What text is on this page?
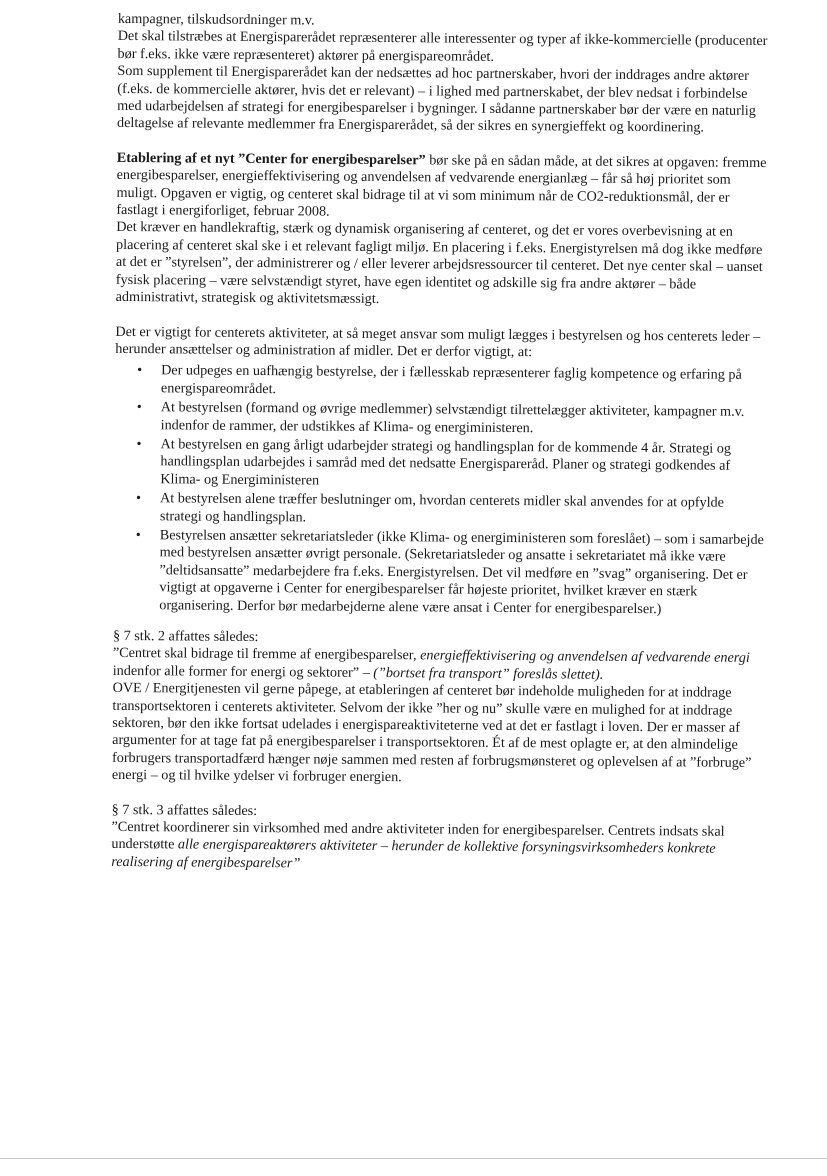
kampagner, tilskudsordninger m.v.

Det skal tilstræbes at Energisparerådet repræsenterer alle interessenter og typer af ikke-kommercielle (producenter bør f.eks. ikke være repræsenteret) aktører på energispareområdet.

Som supplement til Energisparerådet kan der nedsættes ad hoc partnerskaber, hvori der inddrages andre aktører (f.eks. de kommercielle aktører, hvis det er relevant) – i lighed med partnerskabet, der blev nedsat i forbindelse med udarbejdelsen af strategi for energibesparelser i bygninger. I sådanne partnerskaber bør der være en naturlig deltagelse af relevante medlemmer fra Energisparerådet, så der sikres en synergieffekt og koordinering.

Etablering af et nyt ”Center for energibesparelser” bør ske på en sådan måde, at det sikres at opgaven: fremme energibesparelser, energieffektivisering og anvendelsen af vedvarende energianlæg – får så høj prioritet som muligt. Opgaven er vigtig, og centeret skal bidrage til at vi som minimum når de CO2-reduktionsmål, der er fastlagt i energiforliget, februar 2008.

Det kræver en handlekraftig, stærk og dynamisk organisering af centeret, og det er vores overbevisning at en placering af centeret skal ske i et relevant fagligt miljø. En placering i f.eks. Energistyrelsen må dog ikke medføre at det er ”styrelsen”, der administrerer og / eller leverer arbejdsressourcer til centeret. Det nye center skal – uanset fysisk placering – være selvstændigt styret, have egen identitet og adskille sig fra andre aktører – både administrativt, strategisk og aktivitetsmæssigt.

Det er vigtigt for centerets aktiviteter, at så meget ansvar som muligt lægges i bestyrelsen og hos centerets leder – herunder ansættelser og administration af midler. Det er derfor vigtigt, at:

• Der udpeges en uafhængig bestyrelse, der i fællesskab repræsenterer faglig kompetence og erfaring på energispareområdet.
• At bestyrelsen (formand og øvrige medlemmer) selvstændigt tilrettelægger aktiviteter, kampagner m.v. indenfor de rammer, der udstikkes af Klima- og energiministeren.
• At bestyrelsen en gang årligt udarbejder strategi og handlingsplan for de kommende 4 år. Strategi og handlingsplan udarbejdes i samråd med det nedsatte Energisparеråd. Planer og strategi godkendes af Klima- og Energiministeren
• At bestyrelsen alene træffer beslutninger om, hvordan centerets midler skal anvendes for at opfylde strategi og handlingsplan.
• Bestyrelsen ansætter sekretariatsleder (ikke Klima- og energiministeren som foreslået) – som i samarbejde med bestyrelsen ansætter øvrigt personale. (Sekretariatsleder og ansatte i sekretariatet må ikke være ”deltidsansatte” medarbejdere fra f.eks. Energistyrelsen. Det vil medføre en ”svag” organisering. Det er vigtigt at opgaverne i Center for energibesparelser får højeste prioritet, hvilket kræver en stærk organisering. Derfor bør medarbejderne alene være ansat i Center for energibesparelser.)

§ 7 stk. 2 affattes således:

”Centret skal bidrage til fremme af energibesparelser, energieffektivisering og anvendelsen af vedvarende energi indenfor alle former for energi og sektorer” – (”bortset fra transport” foreslås slettet).

OVE / Energitjenesten vil gerne påpege, at etableringen af centeret bør indeholde muligheden for at inddrage transportsektoren i centerets aktiviteter. Selvom der ikke ”her og nu” skulle være en mulighed for at inddrage sektoren, bør den ikke fortsat udelades i energispareaktiviteterne ved at det er fastlagt i loven. Der er masser af argumenter for at tage fat på energibesparelser i transportsektoren. Ét af de mest oplagte er, at den almindelige forbrugers transportadfærd hænger nøje sammen med resten af forbrugsmønsteret og oplevelsen af at ”forbruge” energi – og til hvilke ydelser vi forbruger energien.

§ 7 stk. 3 affattes således:

”Centret koordinerer sin virksomhed med andre aktiviteter inden for energibesparelser. Centrets indsats skal understøtte alle energispareaktørers aktiviteter – herunder de kollektive forsyningsvirksomheders konkrete realisering af energibesparelser”
